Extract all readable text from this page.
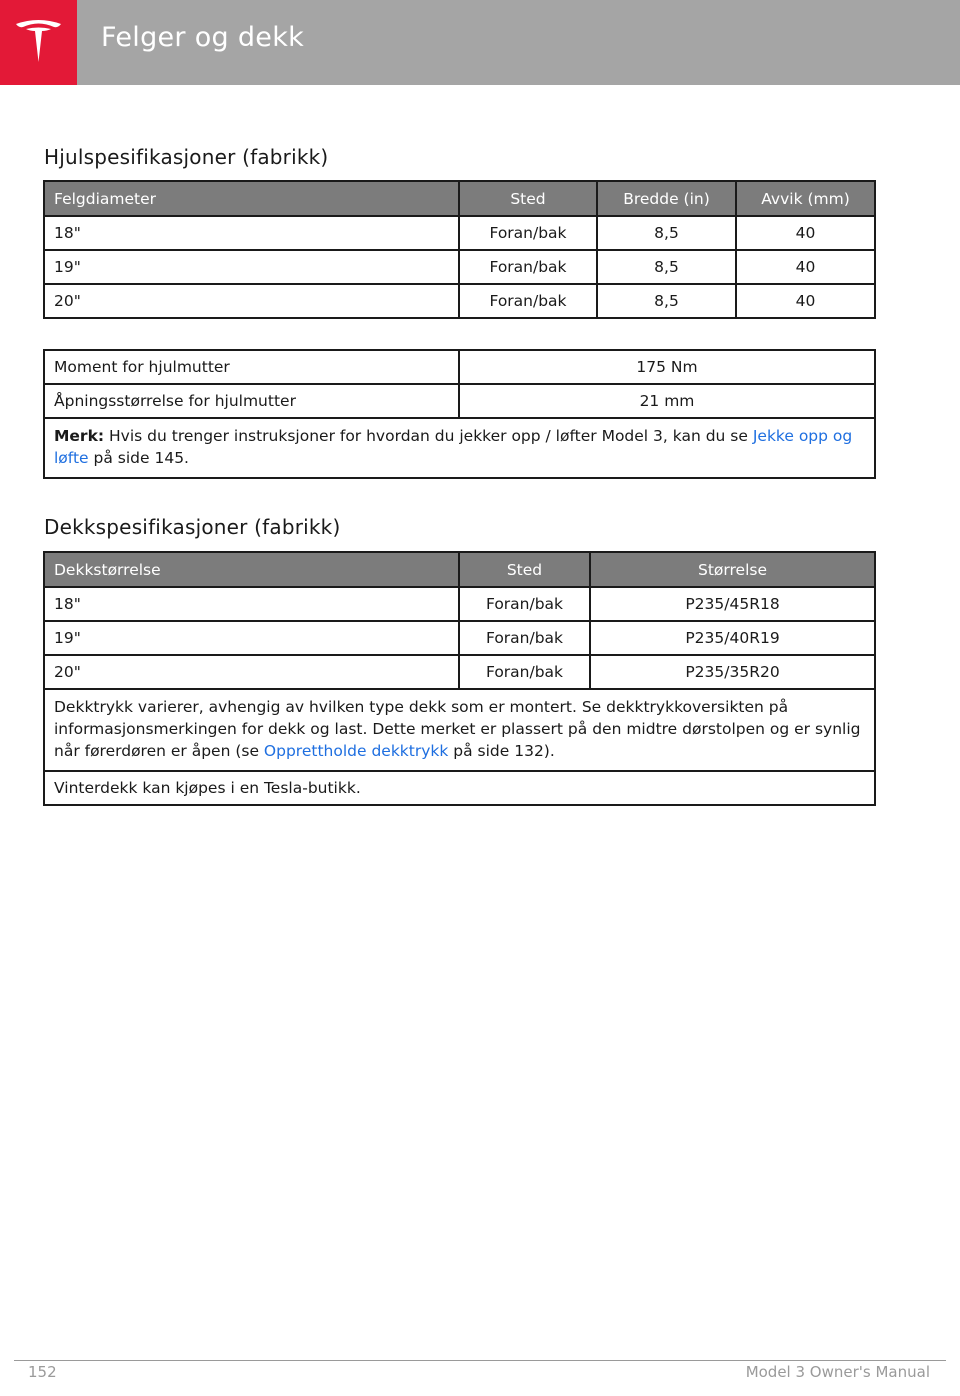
Felger og dekk
Hjulspesifikasjoner (fabrikk)
Felgdiameter	Sted	Bredde (in)	Avvik (mm)
18"	Foran/bak	8,5	40
19"	Foran/bak	8,5	40
20"	Foran/bak	8,5	40
Moment for hjulmutter	175 Nm
Åpningsstørrelse for hjulmutter	21 mm
Merk: Hvis du trenger instruksjoner for hvordan du jekker opp / løfter Model 3, kan du se Jekke opp og løfte på side 145.	
Dekkspesifikasjoner (fabrikk)
Dekkstørrelse	Sted	Størrelse
18"	Foran/bak	P235/45R18
19"	Foran/bak	P235/40R19
20"	Foran/bak	P235/35R20
Dekktrykk varierer, avhengig av hvilken type dekk som er montert. Se dekktrykkoversikten på informasjonsmerkingen for dekk og last. Dette merket er plassert på den midtre dørstolpen og er synlig når førerdøren er åpen (se Opprettholde dekktrykk på side 132).		
Vinterdekk kan kjøpes i en Tesla-butikk.		
152	Model 3 Owner's Manual
